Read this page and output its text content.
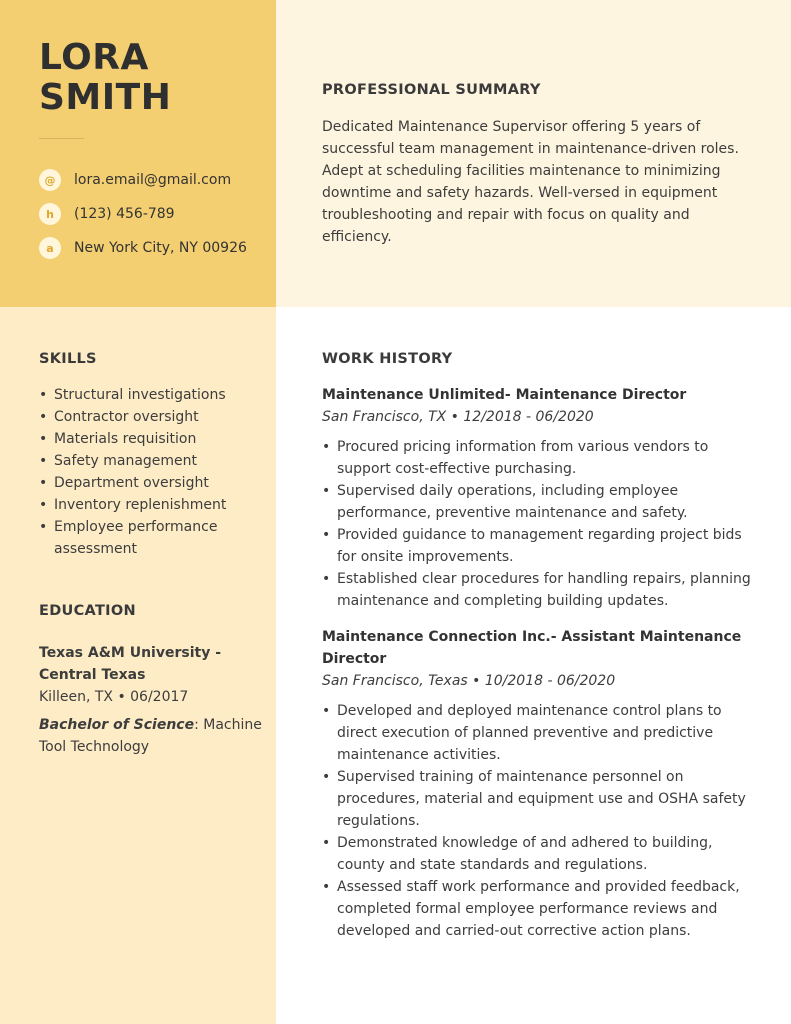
LORA
SMITH
@	lora.email@gmail.com
h	(123) 456-789
a	New York City, NY 00926
PROFESSIONAL SUMMARY
Dedicated Maintenance Supervisor offering 5 years of successful team management in maintenance-driven roles. Adept at scheduling facilities maintenance to minimizing downtime and safety hazards. Well-versed in equipment troubleshooting and repair with focus on quality and efficiency.
SKILLS
• Structural investigations
• Contractor oversight
• Materials requisition
• Safety management
• Department oversight
• Inventory replenishment
• Employee performance assessment
EDUCATION
Texas A&M University - Central Texas
Killeen, TX • 06/2017
Bachelor of Science: Machine Tool Technology
WORK HISTORY
Maintenance Unlimited- Maintenance Director
San Francisco, TX • 12/2018 - 06/2020
• Procured pricing information from various vendors to support cost-effective purchasing.
• Supervised daily operations, including employee performance, preventive maintenance and safety.
• Provided guidance to management regarding project bids for onsite improvements.
• Established clear procedures for handling repairs, planning maintenance and completing building updates.
Maintenance Connection Inc.- Assistant Maintenance Director
San Francisco, Texas • 10/2018 - 06/2020
• Developed and deployed maintenance control plans to direct execution of planned preventive and predictive maintenance activities.
• Supervised training of maintenance personnel on procedures, material and equipment use and OSHA safety regulations.
• Demonstrated knowledge of and adhered to building, county and state standards and regulations.
• Assessed staff work performance and provided feedback, completed formal employee performance reviews and developed and carried-out corrective action plans.
